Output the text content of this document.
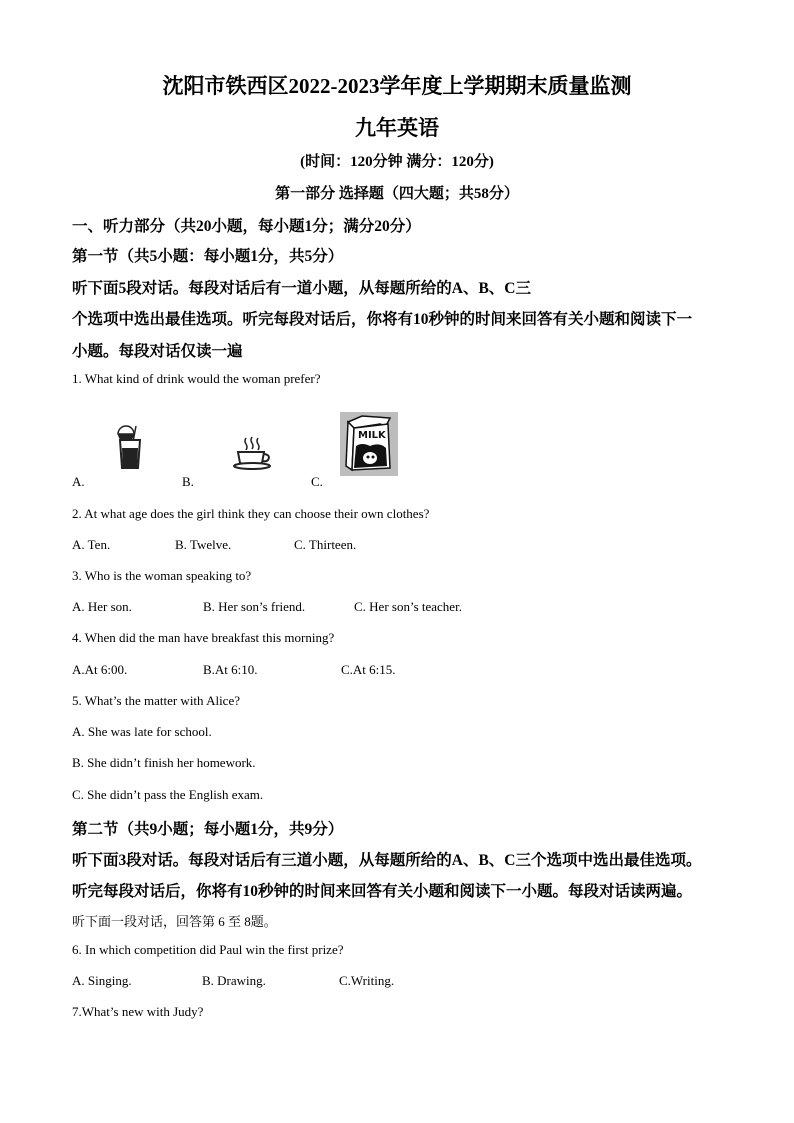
沈阳市铁西区2022-2023学年度上学期期末质量监测
九年英语
(时间：120分钟 满分：120分)
第一部分 选择题（四大题；共58分）
一、听力部分（共20小题，每小题1分；满分20分）
第一节（共5小题：每小题1分，共5分）
听下面5段对话。每段对话后有一道小题，从每题所给的A、B、C三
个选项中选出最佳选项。听完每段对话后，你将有10秒钟的时间来回答有关小题和阅读下一
小题。每段对话仅读一遍
1. What kind of drink would the woman prefer?
MILK
A.	B.	C.
2. At what age does the girl think they can choose their own clothes?
A. Ten.	B. Twelve.	C. Thirteen.
3. Who is the woman speaking to?
A. Her son.	B. Her son’s friend.	C. Her son’s teacher.
4. When did the man have breakfast this morning?
A.At 6:00.	B.At 6:10.	C.At 6:15.
5. What’s the matter with Alice?
A. She was late for school.
B. She didn’t finish her homework.
C. She didn’t pass the English exam.
第二节（共9小题；每小题1分，共9分）
听下面3段对话。每段对话后有三道小题，从每题所给的A、B、C三个选项中选出最佳选项。
听完每段对话后，你将有10秒钟的时间来回答有关小题和阅读下一小题。每段对话读两遍。
听下面一段对话，回答第 6 至 8题。
6. In which competition did Paul win the first prize?
A. Singing.	B. Drawing.	C.Writing.
7.What’s new with Judy?
